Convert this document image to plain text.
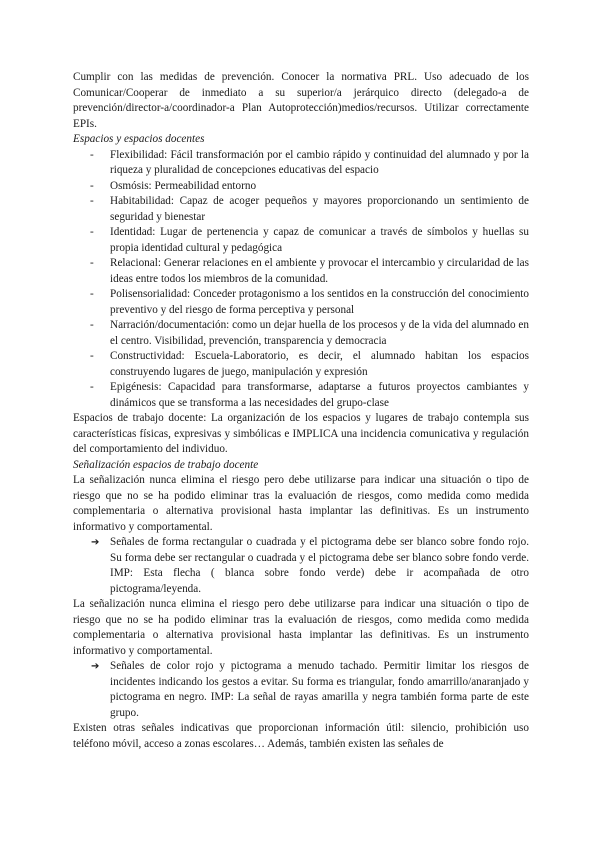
Cumplir con las medidas de prevención. Conocer la normativa PRL. Uso adecuado de los Comunicar/Cooperar de inmediato a su superior/a jerárquico directo (delegado-a de prevención/director-a/coordinador-a Plan Autoprotección)medios/recursos. Utilizar correctamente EPIs.

Espacios y espacios docentes

- Flexibilidad: Fácil transformación por el cambio rápido y continuidad del alumnado y por la riqueza y pluralidad de concepciones educativas del espacio
- Osmósis: Permeabilidad entorno
- Habitabilidad: Capaz de acoger pequeños y mayores proporcionando un sentimiento de seguridad y bienestar
- Identidad: Lugar de pertenencia y capaz de comunicar a través de símbolos y huellas su propia identidad cultural y pedagógica
- Relacional: Generar relaciones en el ambiente y provocar el intercambio y circularidad de las ideas entre todos los miembros de la comunidad.
- Polisensorialidad: Conceder protagonismo a los sentidos en la construcción del conocimiento preventivo y del riesgo de forma perceptiva y personal
- Narración/documentación: como un dejar huella de los procesos y de la vida del alumnado en el centro. Visibilidad, prevención, transparencia y democracia
- Constructividad: Escuela-Laboratorio, es decir, el alumnado habitan los espacios construyendo lugares de juego, manipulación y expresión
- Epigénesis: Capacidad para transformarse, adaptarse a futuros proyectos cambiantes y dinámicos que se transforma a las necesidades del grupo-clase

Espacios de trabajo docente: La organización de los espacios y lugares de trabajo contempla sus características físicas, expresivas y simbólicas e IMPLICA una incidencia comunicativa y regulación del comportamiento del individuo.

Señalización espacios de trabajo docente

La señalización nunca elimina el riesgo pero debe utilizarse para indicar una situación o tipo de riesgo que no se ha podido eliminar tras la evaluación de riesgos, como medida como medida complementaria o alternativa provisional hasta implantar las definitivas. Es un instrumento informativo y comportamental.

➔ Señales de forma rectangular o cuadrada y el pictograma debe ser blanco sobre fondo rojo. Su forma debe ser rectangular o cuadrada y el pictograma debe ser blanco sobre fondo verde. IMP: Esta flecha ( blanca sobre fondo verde) debe ir acompañada de otro pictograma/leyenda.

La señalización nunca elimina el riesgo pero debe utilizarse para indicar una situación o tipo de riesgo que no se ha podido eliminar tras la evaluación de riesgos, como medida como medida complementaria o alternativa provisional hasta implantar las definitivas. Es un instrumento informativo y comportamental.

➔ Señales de color rojo y pictograma a menudo tachado. Permitir limitar los riesgos de incidentes indicando los gestos a evitar. Su forma es triangular, fondo amarrillo/anaranjado y pictograma en negro. IMP: La señal de rayas amarilla y negra también forma parte de este grupo.

Existen otras señales indicativas que proporcionan información útil: silencio, prohibición uso teléfono móvil, acceso a zonas escolares… Además, también existen las señales de
